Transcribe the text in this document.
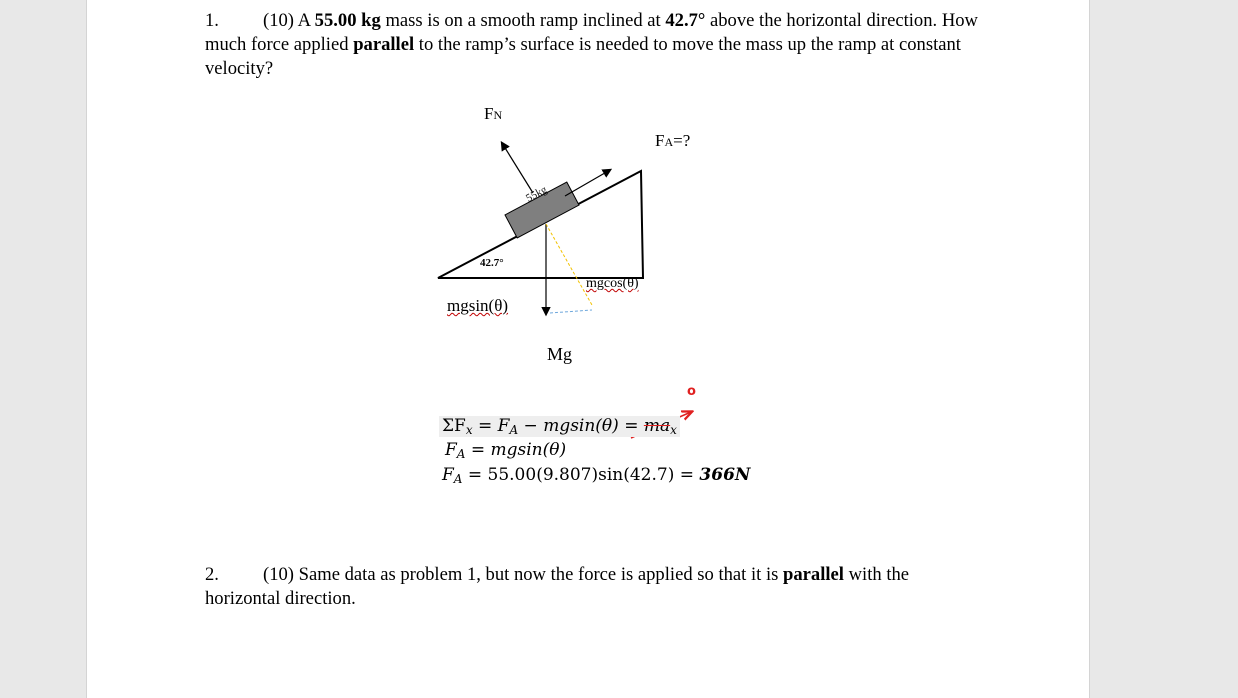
1. (10) A 55.00 kg mass is on a smooth ramp inclined at 42.7° above the horizontal direction. How much force applied parallel to the ramp’s surface is needed to move the mass up the ramp at constant velocity?
FN
FA=?
55kg
42.7°
mgcos(θ)
mgsin(θ)
Mg
o
ΣFx = FA − mgsin(θ) = max
FA = mgsin(θ)
FA = 55.00(9.807)sin(42.7) = 366N
2. (10) Same data as problem 1, but now the force is applied so that it is parallel with the horizontal direction.
